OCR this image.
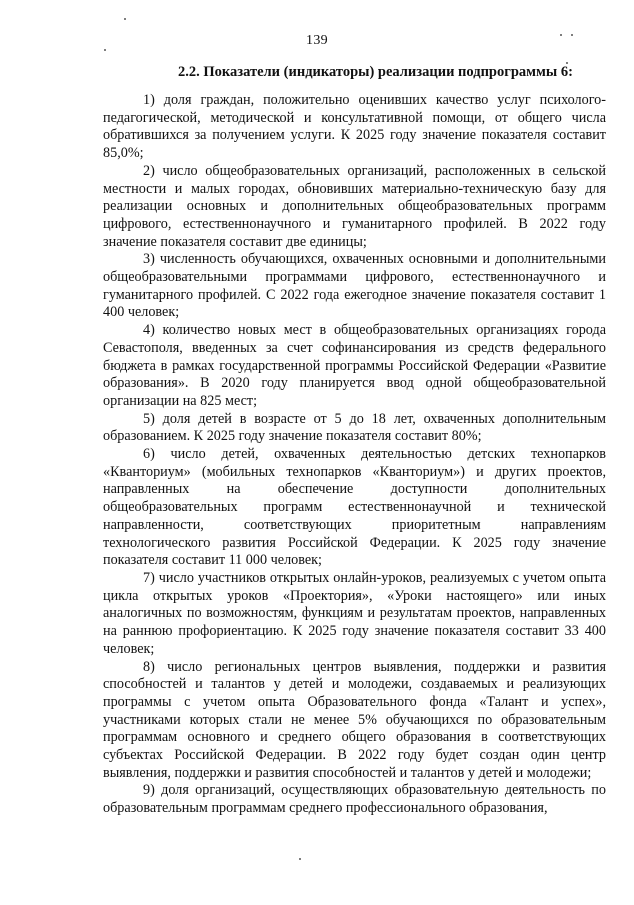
139
2.2. Показатели (индикаторы) реализации подпрограммы 6:

1) доля граждан, положительно оценивших качество услуг психолого-педагогической, методической и консультативной помощи, от общего числа обратившихся за получением услуги. К 2025 году значение показателя составит 85,0%;

2) число общеобразовательных организаций, расположенных в сельской местности и малых городах, обновивших материально-техническую базу для реализации основных и дополнительных общеобразовательных программ цифрового, естественнонаучного и гуманитарного профилей. В 2022 году значение показателя составит две единицы;

3) численность обучающихся, охваченных основными и дополнительными общеобразовательными программами цифрового, естественнонаучного и гуманитарного профилей. С 2022 года ежегодное значение показателя составит 1 400 человек;

4) количество новых мест в общеобразовательных организациях города Севастополя, введенных за счет софинансирования из средств федерального бюджета в рамках государственной программы Российской Федерации «Развитие образования». В 2020 году планируется ввод одной общеобразовательной организации на 825 мест;

5) доля детей в возрасте от 5 до 18 лет, охваченных дополнительным образованием. К 2025 году значение показателя составит 80%;

6) число детей, охваченных деятельностью детских технопарков «Кванториум» (мобильных технопарков «Кванториум») и других проектов, направленных на обеспечение доступности дополнительных общеобразовательных программ естественнонаучной и технической направленности, соответствующих приоритетным направлениям технологического развития Российской Федерации. К 2025 году значение показателя составит 11 000 человек;

7) число участников открытых онлайн-уроков, реализуемых с учетом опыта цикла открытых уроков «Проектория», «Уроки настоящего» или иных аналогичных по возможностям, функциям и результатам проектов, направленных на раннюю профориентацию. К 2025 году значение показателя составит 33 400 человек;

8) число региональных центров выявления, поддержки и развития способностей и талантов у детей и молодежи, создаваемых и реализующих программы с учетом опыта Образовательного фонда «Талант и успех», участниками которых стали не менее 5% обучающихся по образовательным программам основного и среднего общего образования в соответствующих субъектах Российской Федерации. В 2022 году будет создан один центр выявления, поддержки и развития способностей и талантов у детей и молодежи;

9) доля организаций, осуществляющих образовательную деятельность по образовательным программам среднего профессионального образования,
